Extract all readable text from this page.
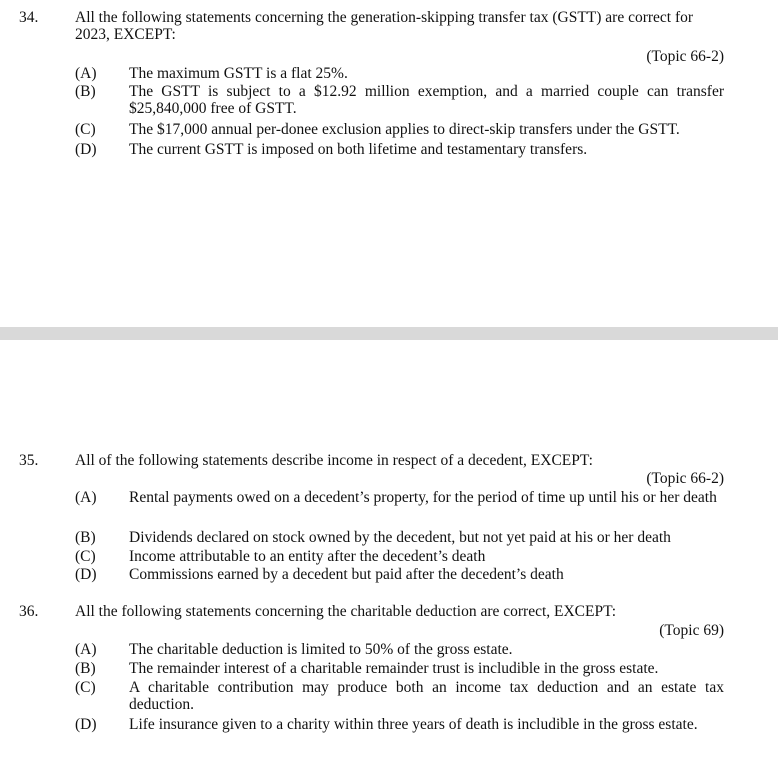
34. All the following statements concerning the generation-skipping transfer tax (GSTT) are correct for 2023, EXCEPT:
(Topic 66-2)
(A) The maximum GSTT is a flat 25%.
(B) The GSTT is subject to a $12.92 million exemption, and a married couple can transfer $25,840,000 free of GSTT.
(C) The $17,000 annual per-donee exclusion applies to direct-skip transfers under the GSTT.
(D) The current GSTT is imposed on both lifetime and testamentary transfers.
35. All of the following statements describe income in respect of a decedent, EXCEPT:
(Topic 66-2)
(A) Rental payments owed on a decedent’s property, for the period of time up until his or her death
(B) Dividends declared on stock owned by the decedent, but not yet paid at his or her death
(C) Income attributable to an entity after the decedent’s death
(D) Commissions earned by a decedent but paid after the decedent’s death
36. All the following statements concerning the charitable deduction are correct, EXCEPT:
(Topic 69)
(A) The charitable deduction is limited to 50% of the gross estate.
(B) The remainder interest of a charitable remainder trust is includible in the gross estate.
(C) A charitable contribution may produce both an income tax deduction and an estate tax deduction.
(D) Life insurance given to a charity within three years of death is includible in the gross estate.
